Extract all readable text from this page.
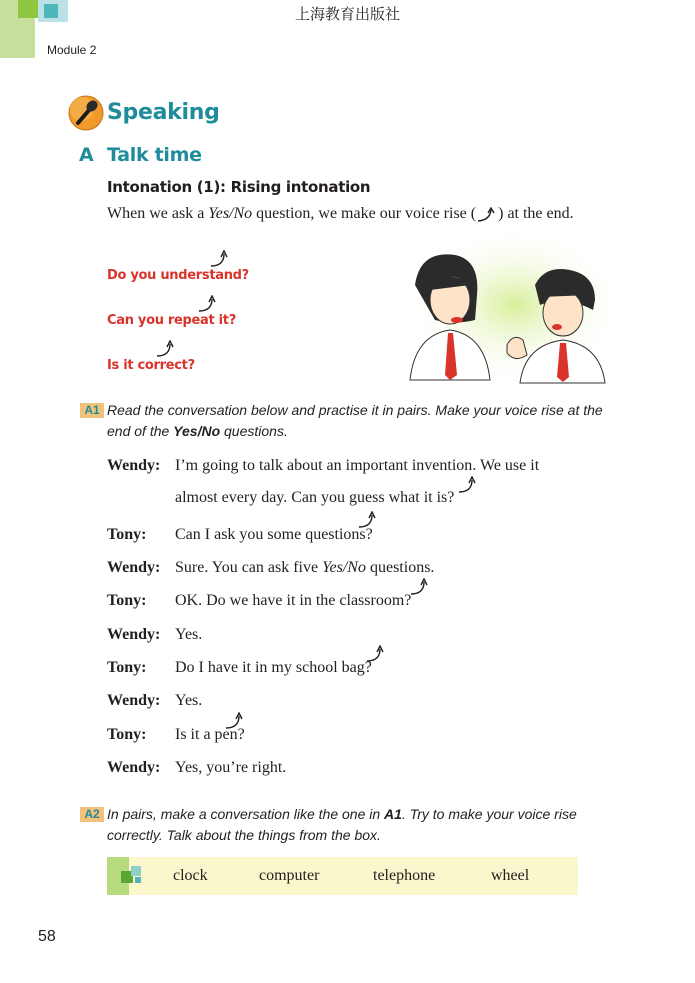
上海教育出版社
Module 2
Speaking
A Talk time
Intonation (1): Rising intonation
When we ask a Yes/No question, we make our voice rise ( ) at the end.
Do you understand?
Can you repeat it?
Is it correct?
A1 Read the conversation below and practise it in pairs. Make your voice rise at the end of the Yes/No questions.
Wendy: I’m going to talk about an important invention. We use it
almost every day. Can you guess what it is?
Tony: Can I ask you some questions?
Wendy: Sure. You can ask five Yes/No questions.
Tony: OK. Do we have it in the classroom?
Wendy: Yes.
Tony: Do I have it in my school bag?
Wendy: Yes.
Tony: Is it a pen?
Wendy: Yes, you’re right.
A2 In pairs, make a conversation like the one in A1. Try to make your voice rise correctly. Talk about the things from the box.
clock	computer	telephone	wheel
58
